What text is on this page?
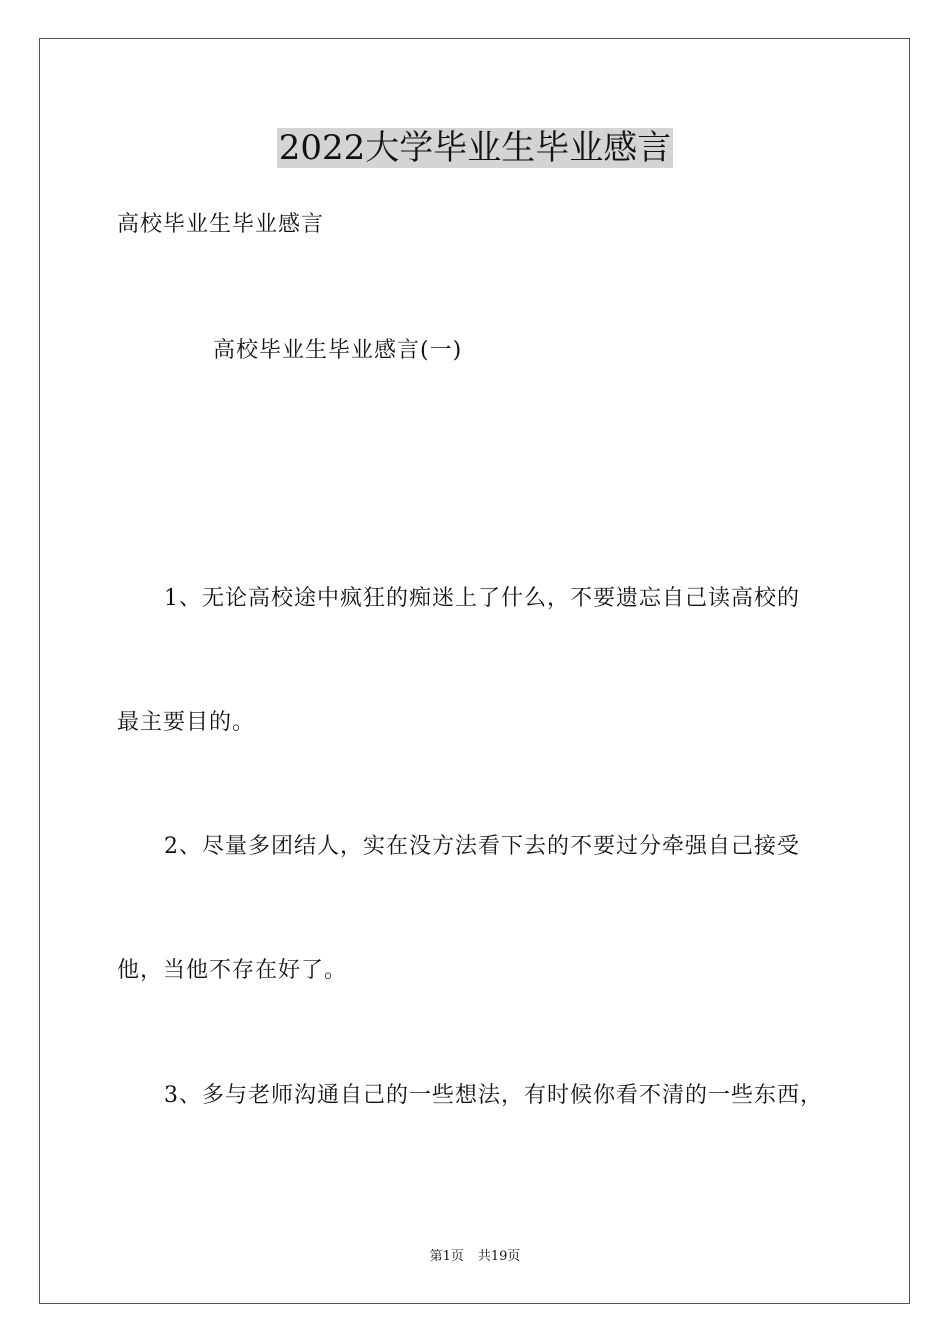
2022大学毕业生毕业感言

高校毕业生毕业感言

高校毕业生毕业感言(一)

1、无论高校途中疯狂的痴迷上了什么，不要遗忘自己读高校的

最主要目的。

2、尽量多团结人，实在没方法看下去的不要过分牵强自己接受

他，当他不存在好了。

3、多与老师沟通自己的一些想法，有时候你看不清的一些东西，

第1页 共19页
